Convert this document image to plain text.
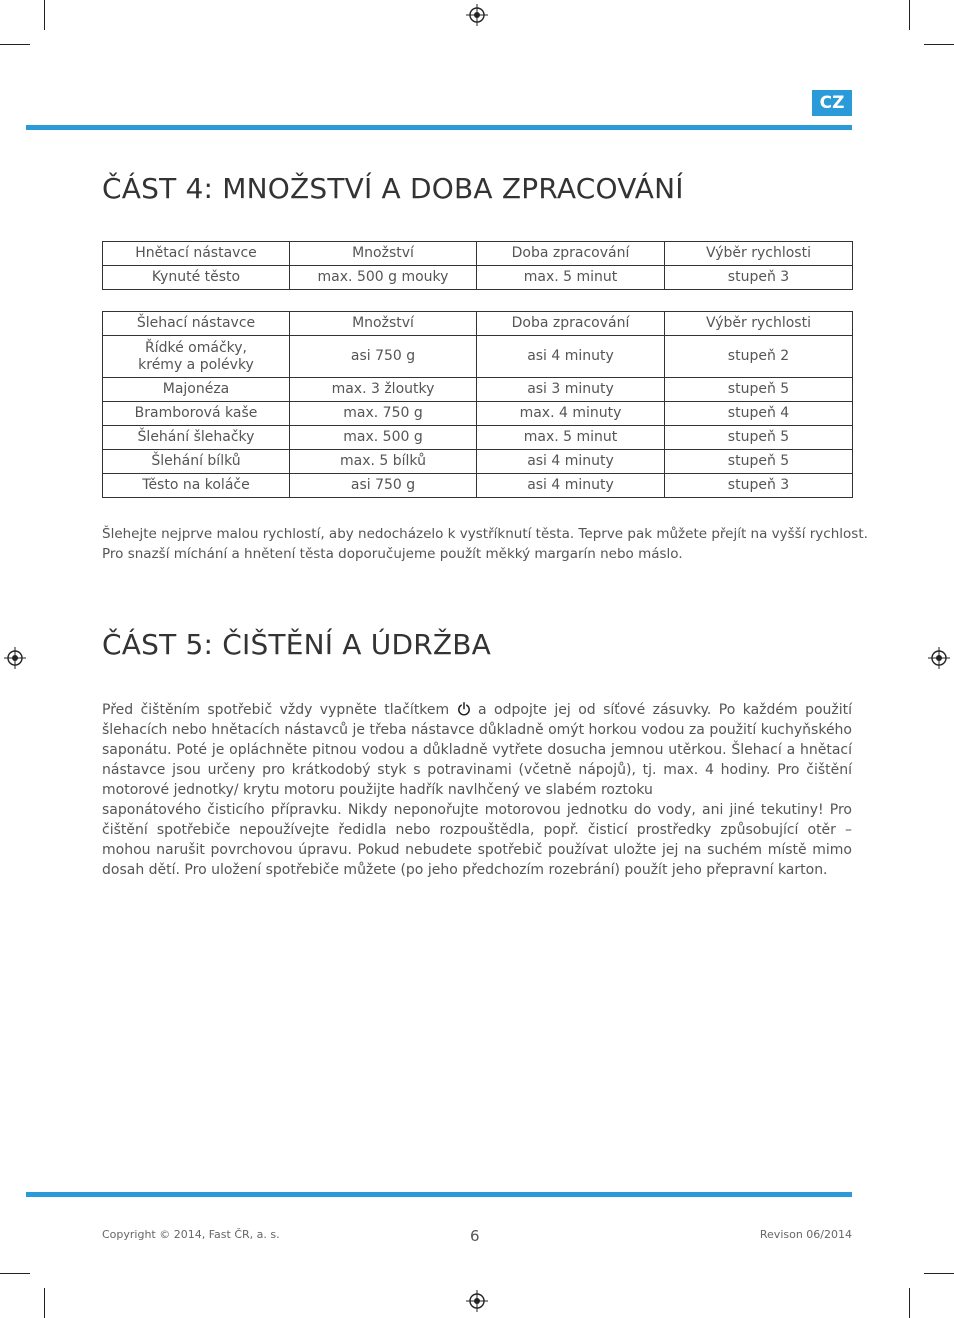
CZ
ČÁST 4: MNOŽSTVÍ A DOBA ZPRACOVÁNÍ
Hnětací nástavce	Množství	Doba zpracování	Výběr rychlosti
Kynuté těsto	max. 500 g mouky	max. 5 minut	stupeň 3
Šlehací nástavce	Množství	Doba zpracování	Výběr rychlosti
Řídké omáčky,
krémy a polévky	asi 750 g	asi 4 minuty	stupeň 2
Majonéza	max. 3 žloutky	asi 3 minuty	stupeň 5
Bramborová kaše	max. 750 g	max. 4 minuty	stupeň 4
Šlehání šlehačky	max. 500 g	max. 5 minut	stupeň 5
Šlehání bílků	max. 5 bílků	asi 4 minuty	stupeň 5
Těsto na koláče	asi 750 g	asi 4 minuty	stupeň 3

Šlehejte nejprve malou rychlostí, aby nedocházelo k vystříknutí těsta. Teprve pak můžete přejít na vyšší rychlost.

Pro snazší míchání a hnětení těsta doporučujeme použít měkký margarín nebo máslo.

ČÁST 5: ČIŠTĚNÍ A ÚDRŽBA

Před čištěním spotřebič vždy vypněte tlačítkem a odpojte jej od síťové zásuvky. Po každém použití šlehacích nebo hnětacích nástavců je třeba nástavce důkladně omýt horkou vodou za použití kuchyňského saponátu. Poté je opláchněte pitnou vodou a důkladně vytřete dosucha jemnou utěrkou. Šlehací a hnětací nástavce jsou určeny pro krátkodobý styk s potravinami (včetně nápojů), tj. max. 4 hodiny. Pro čištění motorové jednotky/ krytu motoru použijte hadřík navlhčený ve slabém roztoku

saponátového čisticího přípravku. Nikdy neponořujte motorovou jednotku do vody, ani jiné tekutiny! Pro čištění spotřebiče nepoužívejte ředidla nebo rozpouštědla, popř. čisticí prostředky způsobující otěr – mohou narušit povrchovou úpravu. Pokud nebudete spotřebič používat uložte jej na suchém místě mimo dosah dětí. Pro uložení spotřebiče můžete (po jeho předchozím rozebrání) použít jeho přepravní karton.

Copyright © 2014, Fast ČR, a. s.	6	Revison 06/2014
